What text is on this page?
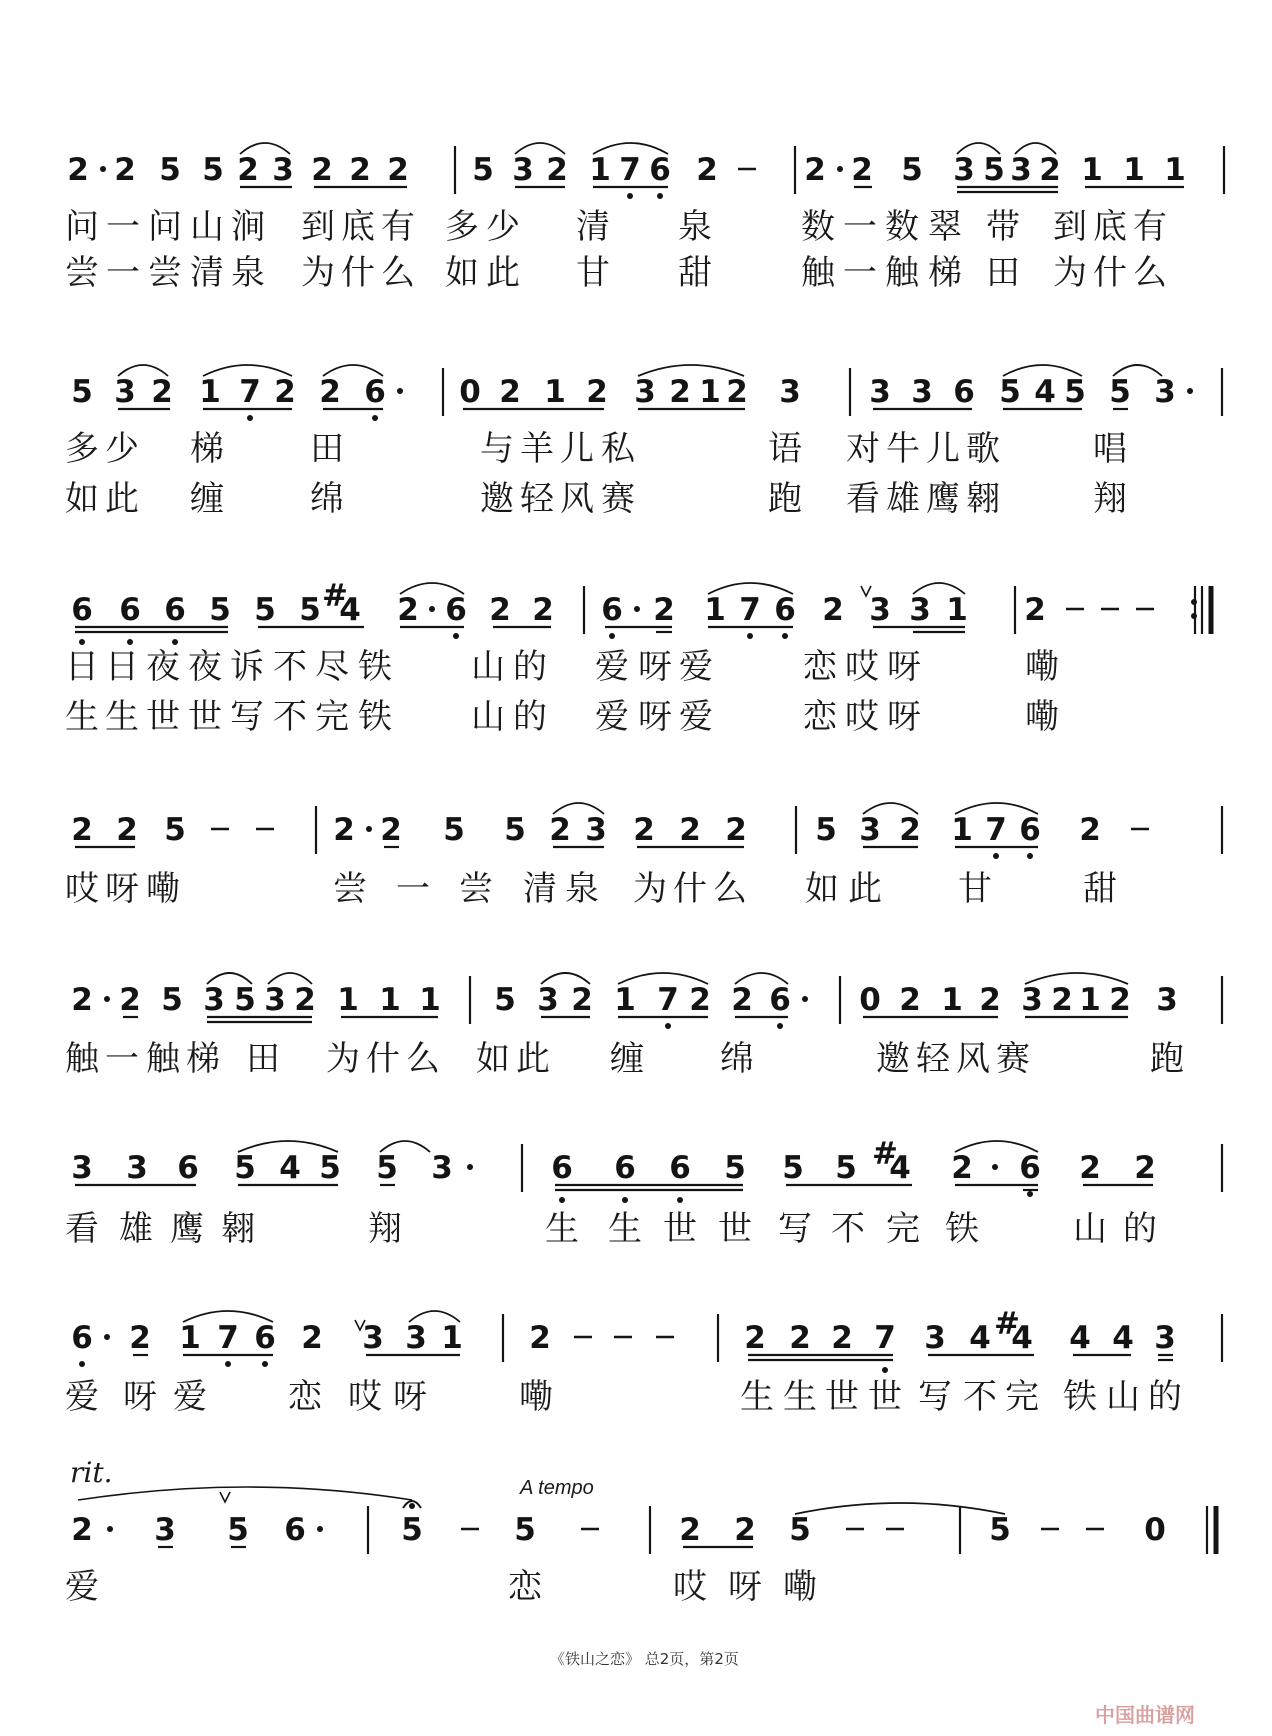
2 2 5 5 2 3 2 2 2 5 3 2 1 7 6 2	2 2 5 3 5 3 2 1 1 1
问 一 问 山 涧 到 底 有 多 少 清 泉	数 一 数 翠 带 到 底 有
尝 一 尝 清 泉 为 什 么 如 此 甘 甜	触 一 触 梯 田 为 什 么
5 3 2 1 7 2 2 6 0 2 1 2 3 2 1 2 3 3 3 6 5 4 5 5 3
多 少 梯	田	与 羊 儿 私	语 对 牛 儿 歌	唱
如 此 缠	绵	邀 轻 风 赛	跑 看 雄 鹰 翱	翔
6 6 6 5 5 5 4
# 2 6 2 2 6 2 1 7 6 2 3 3 1 2
日 日 夜 夜 诉 不 尽 铁 山 的 爱 呀 爱	恋 哎 呀	嘞
生 生 世 世 写 不 完 铁 山 的 爱 呀 爱	恋 哎 呀	嘞
2 2 5	2 2 5 5 2 3 2 2 2 5 3 2 1 7 6 2
哎 呀 嘞	尝 一 尝 清 泉 为 什 么 如 此 甘	甜
2 2 5 3 5 3 2 1 1 1 5 3 2 1 7 2 2 6 0 2 1 2 3 2 1 2 3
触 一 触 梯 田 为 什 么 如 此 缠 绵	邀 轻 风 赛	跑
3 3 6 5 4 5 5 3	6 6 6 5 5 5 4
# 2 6 2 2
看 雄 鹰 翱	翔	生 生 世 世 写 不 完 铁	山 的
6 2 1 7 6 2 3 3 1 2	2 2 2 7 3 4 4
# 4 4 3
爱 呀 爱 恋 哎 呀	嘞	生 生 世 世 写 不 完 铁 山 的
2 3 5 6	5	5	2 2 5	5	0
rit.	A tempo
爱	恋	哎 呀 嘞
《铁山之恋》 总2页，第2页
中国曲谱网
